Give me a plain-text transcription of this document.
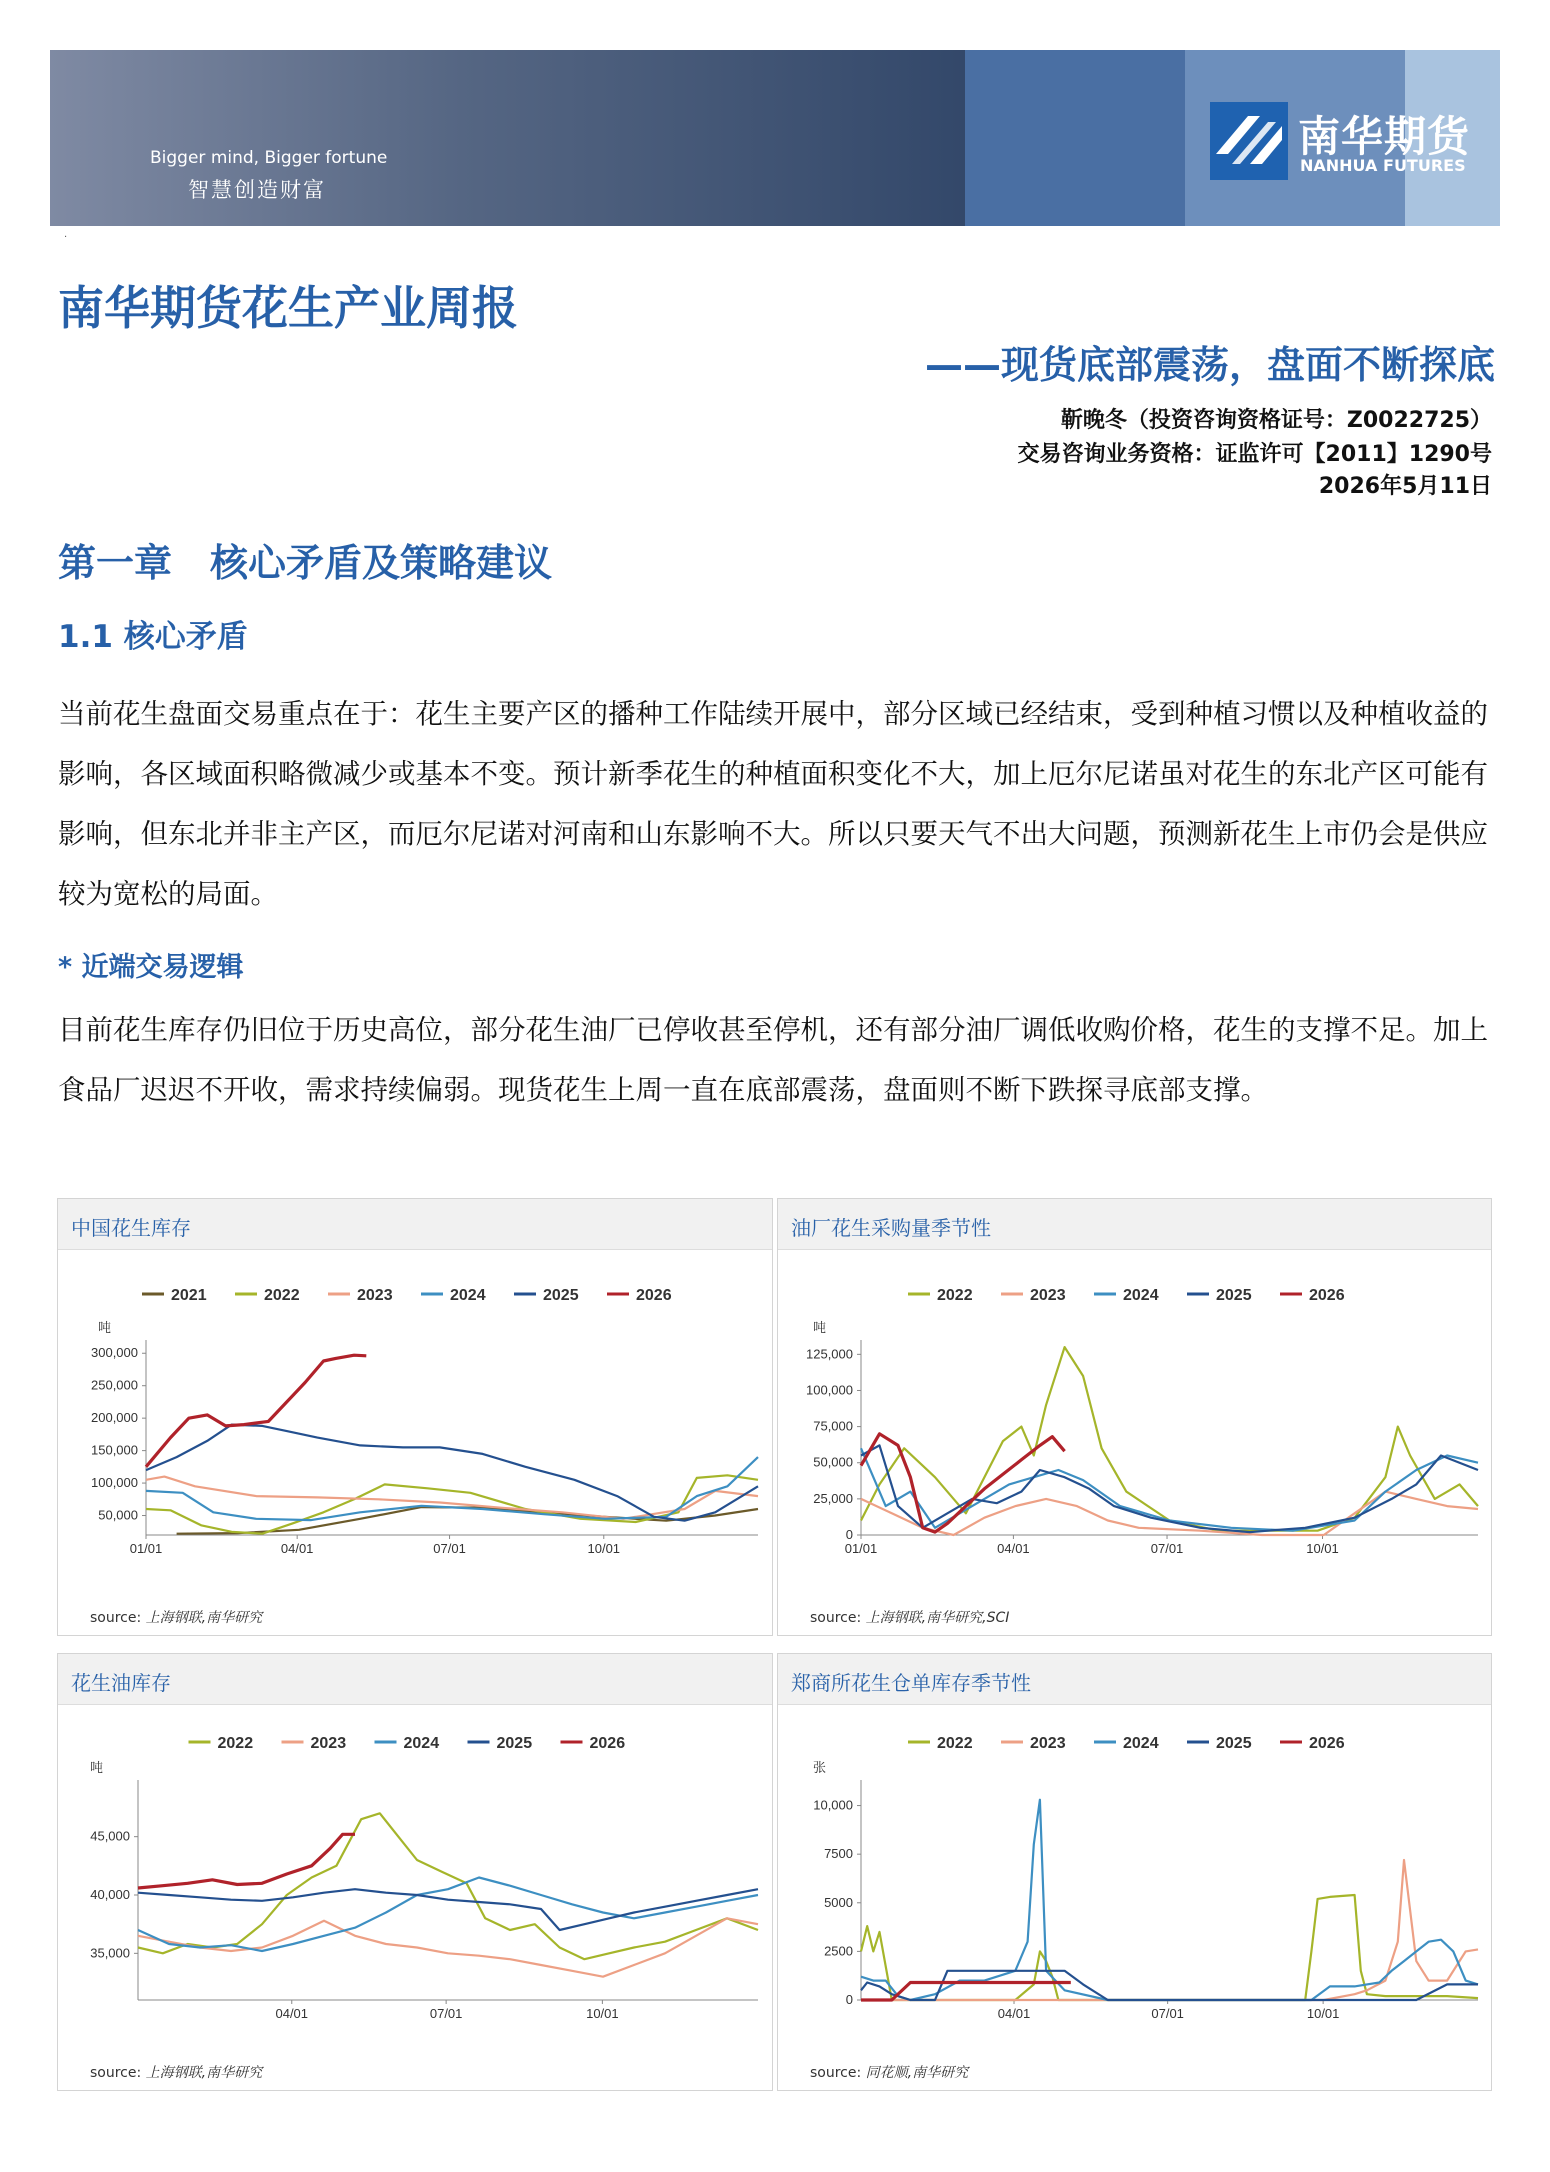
Bigger mind, Bigger fortune
智慧创造财富
南华期货
NANHUA FUTURES
·
南华期货花生产业周报
——现货底部震荡，盘面不断探底
靳晚冬（投资咨询资格证号：Z0022725）
交易咨询业务资格：证监许可【2011】1290号
2026年5月11日
第一章　核心矛盾及策略建议
1.1 核心矛盾
当前花生盘面交易重点在于：花生主要产区的播种工作陆续开展中，部分区域已经结束，受到种植习惯以及种植收益的影响，各区域面积略微减少或基本不变。预计新季花生的种植面积变化不大，加上厄尔尼诺虽对花生的东北产区可能有影响，但东北并非主产区，而厄尔尼诺对河南和山东影响不大。所以只要天气不出大问题，预测新花生上市仍会是供应较为宽松的局面。
* 近端交易逻辑
目前花生库存仍旧位于历史高位，部分花生油厂已停收甚至停机，还有部分油厂调低收购价格，花生的支撑不足。加上食品厂迟迟不开收，需求持续偏弱。现货花生上周一直在底部震荡，盘面则不断下跌探寻底部支撑。
中国花生库存
2021	2022	2023	2024	2025	2026
吨
300,000
250,000
200,000
150,000
100,000
50,000
01/01	04/01	07/01	10/01
source: 上海钢联,南华研究
油厂花生采购量季节性
2022	2023	2024	2025	2026
吨
125,000
100,000
75,000
50,000
25,000
0
01/01	04/01	07/01	10/01
source: 上海钢联,南华研究,SCI
花生油库存
2022	2023	2024	2025	2026
吨
45,000
40,000
35,000
04/01	07/01	10/01
source: 上海钢联,南华研究
郑商所花生仓单库存季节性
2022	2023	2024	2025	2026
张
10,000
7500
5000
2500
0
04/01	07/01	10/01
source: 同花顺,南华研究
